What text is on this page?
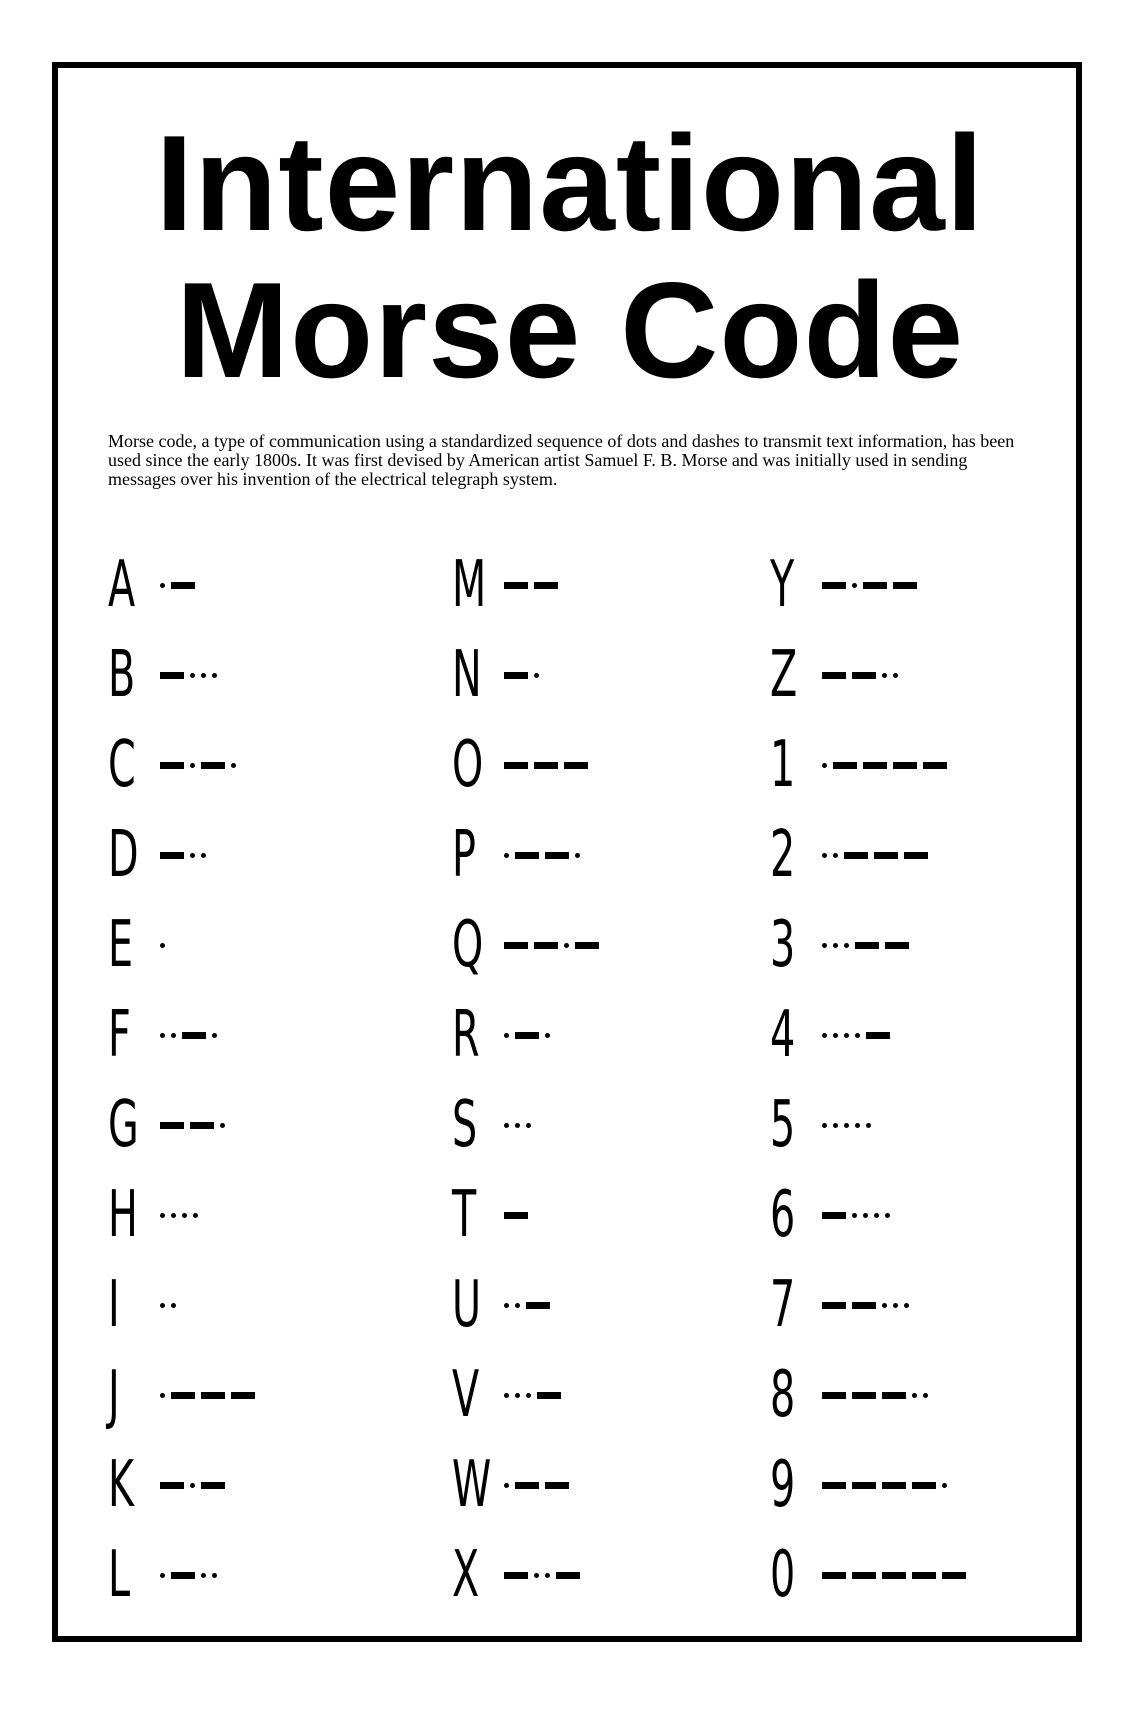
International
Morse Code

Morse code, a type of communication using a standardized sequence of dots and dashes to transmit text information, has been used since the early 1800s. It was first devised by American artist Samuel F. B. Morse and was initially used in sending messages over his invention of the electrical telegraph system.

A
B
C
D
E
F
G
H
I
J
K
L
M
N
O
P
Q
R
S
T
U
V
W
X
Y
Z
1
2
3
4
5
6
7
8
9
0
